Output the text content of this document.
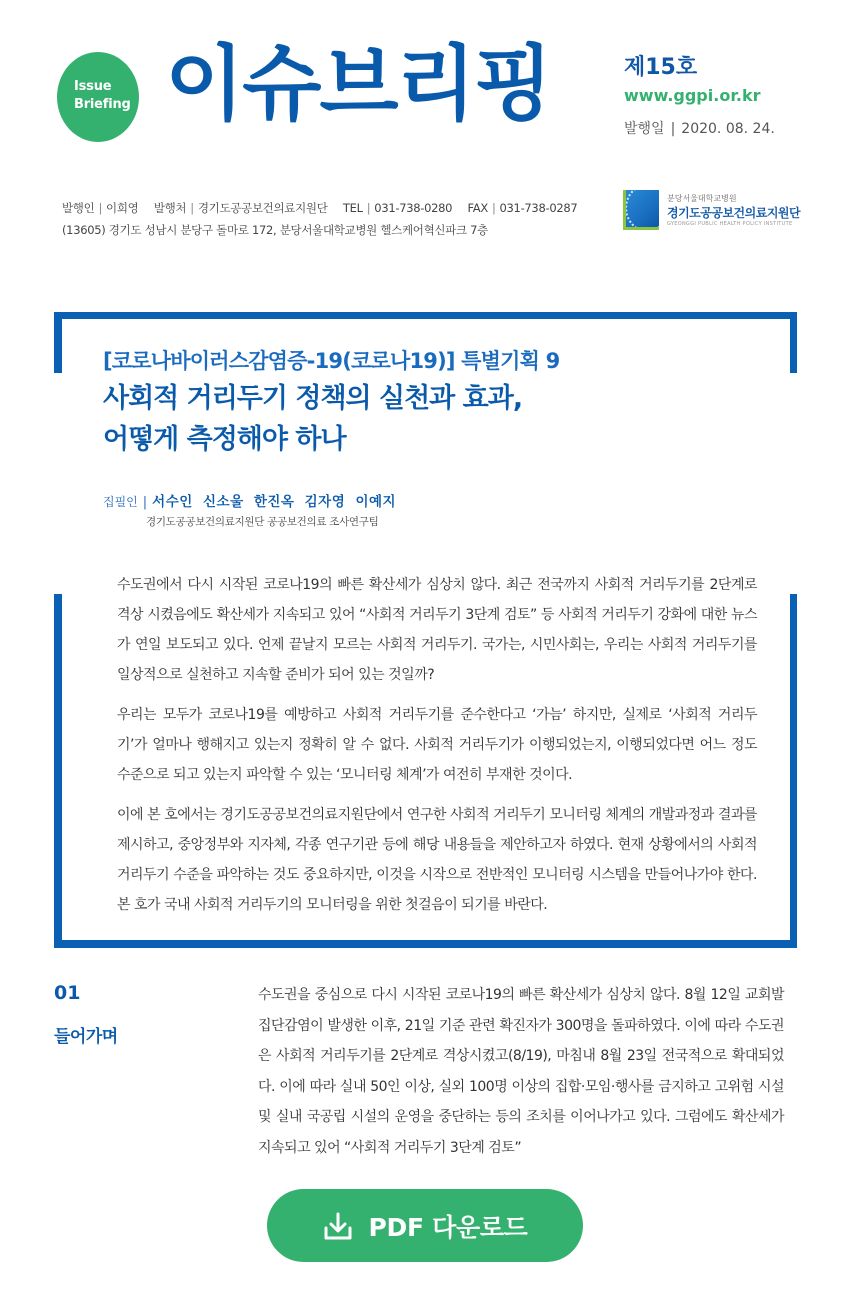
Issue
Briefing 이슈브리핑	제15호
www.ggpi.or.kr
발행일 | 2020. 08. 24.
발행인 | 이희영 발행처 | 경기도공공보건의료지원단 TEL | 031-738-0280 FAX | 031-738-0287
(13605) 경기도 성남시 분당구 돌마로 172, 분당서울대학교병원 헬스케어혁신파크 7층
분당서울대학교병원
경기도공공보건의료지원단
GYEONGGI PUBLIC HEALTH POLICY INSTITUTE
[코로나바이러스감염증-19(코로나19)] 특별기획 9
사회적 거리두기 정책의 실천과 효과,
어떻게 측정해야 하나
집필인 | 서수인 신소울 한진옥 김자영 이예지
경기도공공보건의료지원단 공공보건의료 조사연구팀

수도권에서 다시 시작된 코로나19의 빠른 확산세가 심상치 않다. 최근 전국까지 사회적 거리두기를 2단계로 격상 시켰음에도 확산세가 지속되고 있어 “사회적 거리두기 3단계 검토” 등 사회적 거리두기 강화에 대한 뉴스가 연일 보도되고 있다. 언제 끝날지 모르는 사회적 거리두기. 국가는, 시민사회는, 우리는 사회적 거리두기를 일상적으로 실천하고 지속할 준비가 되어 있는 것일까?

우리는 모두가 코로나19를 예방하고 사회적 거리두기를 준수한다고 ‘가늠’ 하지만, 실제로 ‘사회적 거리두기’가 얼마나 행해지고 있는지 정확히 알 수 없다. 사회적 거리두기가 이행되었는지, 이행되었다면 어느 정도 수준으로 되고 있는지 파악할 수 있는 ‘모니터링 체계’가 여전히 부재한 것이다.

이에 본 호에서는 경기도공공보건의료지원단에서 연구한 사회적 거리두기 모니터링 체계의 개발과정과 결과를 제시하고, 중앙정부와 지자체, 각종 연구기관 등에 해당 내용들을 제안하고자 하였다. 현재 상황에서의 사회적 거리두기 수준을 파악하는 것도 중요하지만, 이것을 시작으로 전반적인 모니터링 시스템을 만들어나가야 한다. 본 호가 국내 사회적 거리두기의 모니터링을 위한 첫걸음이 되기를 바란다.

01
들어가며
수도권을 중심으로 다시 시작된 코로나19의 빠른 확산세가 심상치 않다. 8월 12일 교회발 집단감염이 발생한 이후, 21일 기준 관련 확진자가 300명을 돌파하였다. 이에 따라 수도권은 사회적 거리두기를 2단계로 격상시켰고(8/19), 마침내 8월 23일 전국적으로 확대되었다. 이에 따라 실내 50인 이상, 실외 100명 이상의 집합·모임·행사를 금지하고 고위험 시설 및 실내 국공립 시설의 운영을 중단하는 등의 조치를 이어나가고 있다. 그럼에도 확산세가 지속되고 있어 “사회적 거리두기 3단계 검토”
PDF 다운로드
